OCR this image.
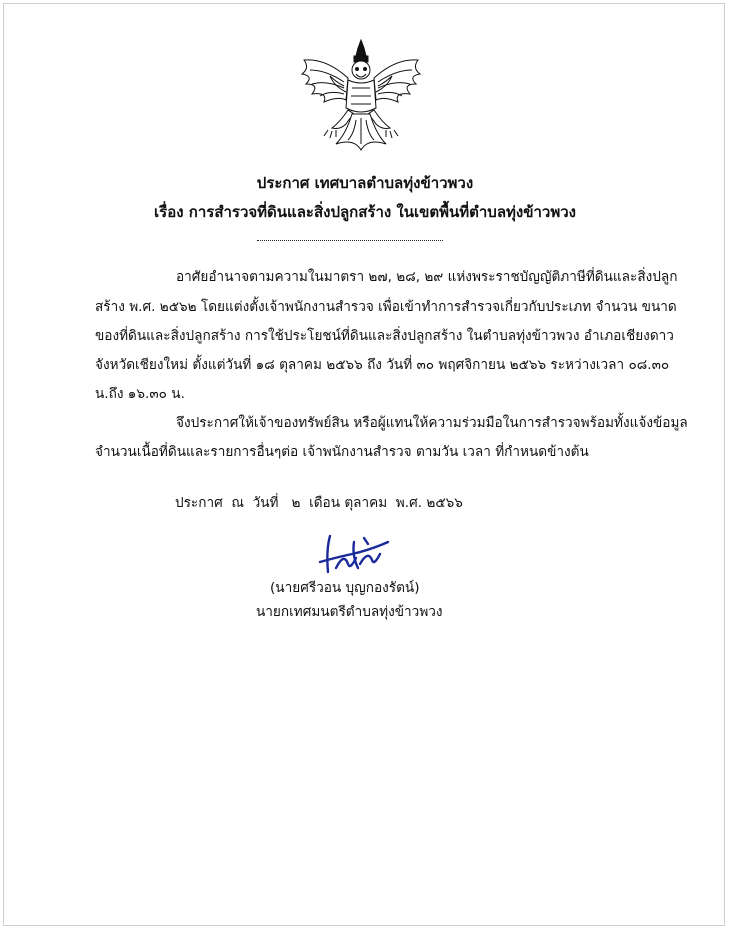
ประกาศ เทศบาลตำบลทุ่งข้าวพวง
เรื่อง การสำรวจที่ดินและสิ่งปลูกสร้าง ในเขตพื้นที่ตำบลทุ่งข้าวพวง
อาศัยอำนาจตามความในมาตรา ๒๗, ๒๘, ๒๙ แห่งพระราชบัญญัติภาษีที่ดินและสิ่งปลูก
สร้าง พ.ศ. ๒๕๖๒ โดยแต่งตั้งเจ้าพนักงานสำรวจ เพื่อเข้าทำการสำรวจเกี่ยวกับประเภท จำนวน ขนาด
ของที่ดินและสิ่งปลูกสร้าง การใช้ประโยชน์ที่ดินและสิ่งปลูกสร้าง ในตำบลทุ่งข้าวพวง อำเภอเชียงดาว
จังหวัดเชียงใหม่ ตั้งแต่วันที่ ๑๘ ตุลาคม ๒๕๖๖ ถึง วันที่ ๓๐ พฤศจิกายน ๒๕๖๖ ระหว่างเวลา ๐๘.๓๐
น.ถึง ๑๖.๓๐ น.
จึงประกาศให้เจ้าของทรัพย์สิน หรือผู้แทนให้ความร่วมมือในการสำรวจพร้อมทั้งแจ้งข้อมูล
จำนวนเนื้อที่ดินและรายการอื่นๆต่อ เจ้าพนักงานสำรวจ ตามวัน เวลา ที่กำหนดข้างต้น
ประกาศ  ณ  วันที่   ๒  เดือน ตุลาคม  พ.ศ. ๒๕๖๖
(นายศรีวอน บุญกองรัตน์)
นายกเทศมนตรีตำบลทุ่งข้าวพวง
